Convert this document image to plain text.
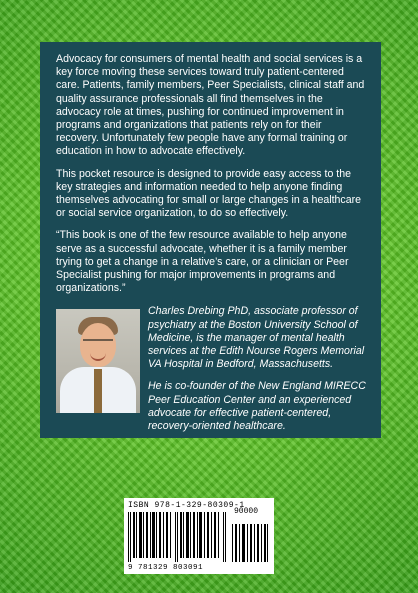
Advocacy for consumers of mental health and social services is a key force moving these services toward truly patient-centered care. Patients, family members, Peer Specialists, clinical staff and quality assurance professionals all find themselves in the advocacy role at times, pushing for continued improvement in programs and organizations that patients rely on for their recovery. Unfortunately few people have any formal training or education in how to advocate effectively.

This pocket resource is designed to provide easy access to the key strategies and information needed to help anyone finding themselves advocating for small or large changes in a healthcare or social service organization, to do so effectively.

“This book is one of the few resource available to help anyone serve as a successful advocate, whether it is a family member trying to get a change in a relative’s care, or a clinician or Peer Specialist pushing for major improvements in programs and organizations.”

Charles Drebing PhD, associate professor of psychiatry at the Boston University School of Medicine, is the manager of mental health services at the Edith Nourse Rogers Memorial VA Hospital in Bedford, Massachusetts.

He is co-founder of the New England MIRECC Peer Education Center and an experienced advocate for effective patient-centered, recovery-oriented healthcare.

ISBN 978-1-329-80309-1
90000
9 781329 803091
